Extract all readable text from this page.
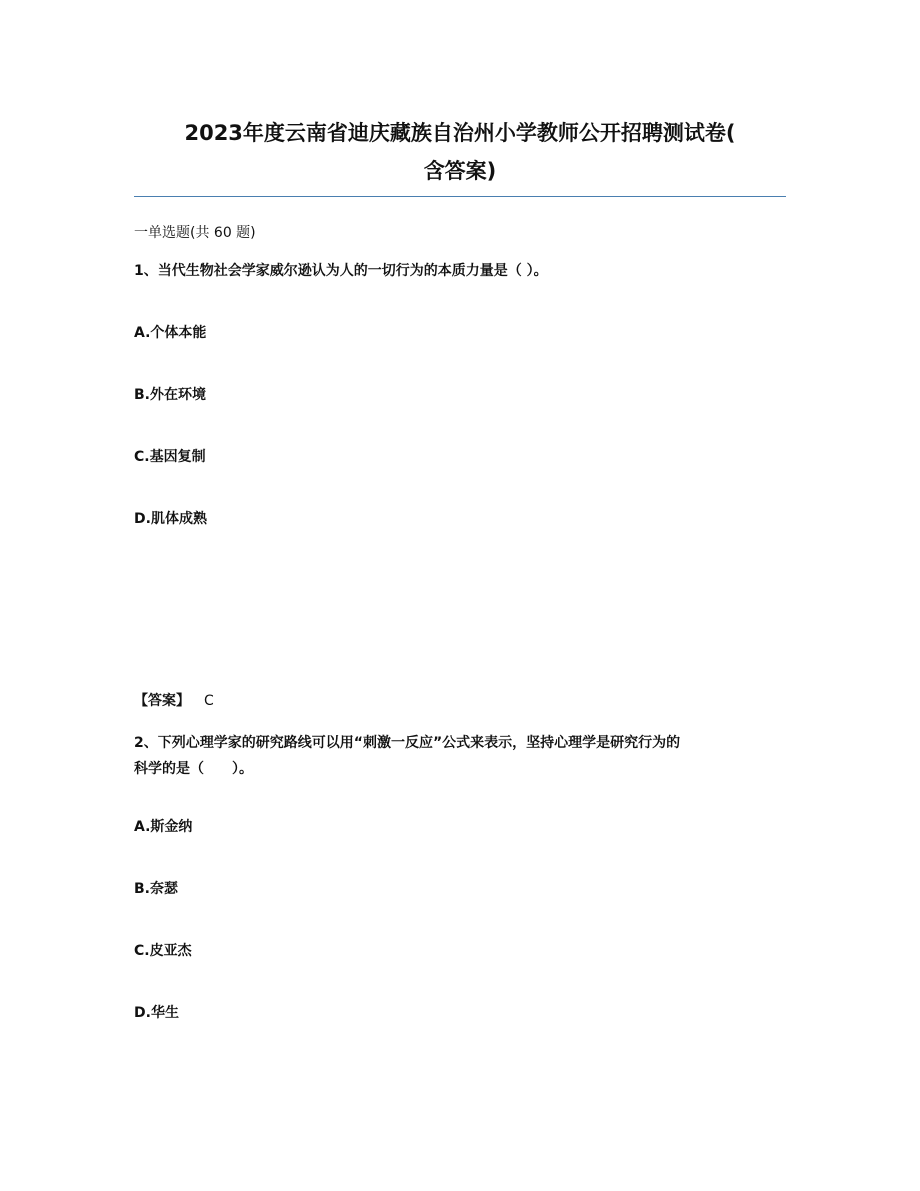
2023年度云南省迪庆藏族自治州小学教师公开招聘测试卷(
含答案)

一单选题(共 60 题)

1、当代生物社会学家威尔逊认为人的一切行为的本质力量是（ ）。

A.个体本能

B.外在环境

C.基因复制

D.肌体成熟

【答案】 C

2、下列心理学家的研究路线可以用“刺激一反应”公式来表示，坚持心理学是研究行为的
科学的是（　　）。

A.斯金纳

B.奈瑟

C.皮亚杰

D.华生
